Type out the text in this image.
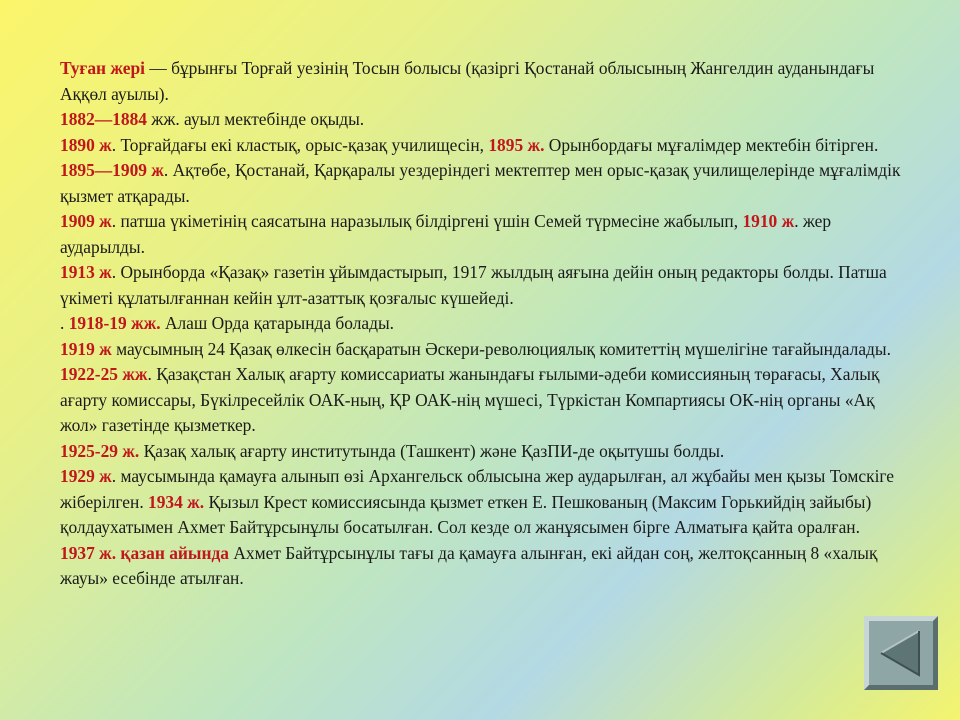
Туған жері — бұрынғы Торғай уезінің Тосын болысы (қазіргі Қостанай облысының Жангелдин ауданындағы Аққөл ауылы).

1882—1884 жж. ауыл мектебінде оқыды.

1890 ж. Торғайдағы екі кластық, орыс-қазақ училищесін, 1895 ж. Орынбордағы мұғалімдер мектебін бітірген.

1895—1909 ж. Ақтөбе, Қостанай, Қарқаралы уездеріндегі мектептер мен орыс-қазақ училищелерінде мұғалімдік қызмет атқарады.

1909 ж. патша үкіметінің саясатына наразылық білдіргені үшін Семей түрмесіне жабылып, 1910 ж. жер аударылды.

1913 ж. Орынборда «Қазақ» газетін ұйымдастырып, 1917 жылдың аяғына дейін оның редакторы болды. Патша үкіметі құлатылғаннан кейін ұлт-азаттық қозғалыс күшейеді.

. 1918-19 жж. Алаш Орда қатарында болады.

1919 ж маусымның 24 Қазақ өлкесін басқаратын Әскери-революциялық комитеттің мүшелігіне тағайындалады.

1922-25 жж. Қазақстан Халық ағарту комиссариаты жанындағы ғылыми-әдеби комиссияның төрағасы, Халық ағарту комиссары, Бүкілресейлік ОАК-ның, ҚР ОАК-нің мүшесі, Түркістан Компартиясы ОК-нің органы «Ақ жол» газетінде қызметкер.

1925-29 ж. Қазақ халық ағарту институтында (Ташкент) және ҚазПИ-де оқытушы болды.

1929 ж. маусымында қамауға алынып өзі Архангельск облысына жер аударылған, ал жұбайы мен қызы Томскіге жіберілген. 1934 ж. Қызыл Крест комиссиясында қызмет еткен Е. Пешкованың (Максим Горькийдің зайыбы) қолдаухатымен Ахмет Байтұрсынұлы босатылған. Сол кезде ол жанұясымен бірге Алматыға қайта оралған.

1937 ж. қазан айында Ахмет Байтұрсынұлы тағы да қамауға алынған, екі айдан соң, желтоқсанның 8 «халық жауы» есебінде атылған.
